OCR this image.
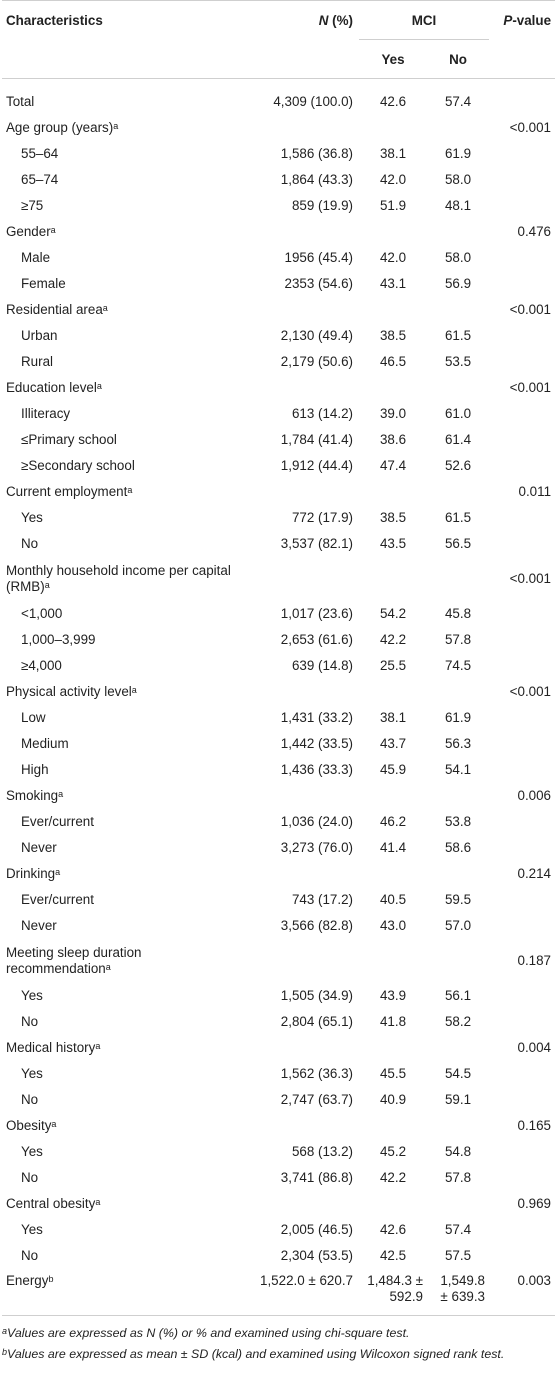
Characteristics	N (%)	MCI		P-value
		Yes	No	
Total	4,309 (100.0)	42.6	57.4	
Age group (years)$^a$				<0.001
55–64	1,586 (36.8)	38.1	61.9	
65–74	1,864 (43.3)	42.0	58.0	
≥75	859 (19.9)	51.9	48.1	
Gender$^a$				0.476
Male	1956 (45.4)	42.0	58.0	
Female	2353 (54.6)	43.1	56.9	
Residential area$^a$				<0.001
Urban	2,130 (49.4)	38.5	61.5	
Rural	2,179 (50.6)	46.5	53.5	
Education level$^a$				<0.001
Illiteracy	613 (14.2)	39.0	61.0	
≤Primary school	1,784 (41.4)	38.6	61.4	
≥Secondary school	1,912 (44.4)	47.4	52.6	
Current employment$^a$				0.011
Yes	772 (17.9)	38.5	61.5	
No	3,537 (82.1)	43.5	56.5	
Monthly household income per capital (RMB)$^a$				<0.001
<1,000	1,017 (23.6)	54.2	45.8	
1,000–3,999	2,653 (61.6)	42.2	57.8	
≥4,000	639 (14.8)	25.5	74.5	
Physical activity level$^a$				<0.001
Low	1,431 (33.2)	38.1	61.9	
Medium	1,442 (33.5)	43.7	56.3	
High	1,436 (33.3)	45.9	54.1	
Smoking$^a$				0.006
Ever/current	1,036 (24.0)	46.2	53.8	
Never	3,273 (76.0)	41.4	58.6	
Drinking$^a$				0.214
Ever/current	743 (17.2)	40.5	59.5	
Never	3,566 (82.8)	43.0	57.0	
Meeting sleep duration recommendation$^a$				0.187
Yes	1,505 (34.9)	43.9	56.1	
No	2,804 (65.1)	41.8	58.2	
Medical history$^a$				0.004
Yes	1,562 (36.3)	45.5	54.5	
No	2,747 (63.7)	40.9	59.1	
Obesity$^a$				0.165
Yes	568 (13.2)	45.2	54.8	
No	3,741 (86.8)	42.2	57.8	
Central obesity$^a$				0.969
Yes	2,005 (46.5)	42.6	57.4	
No	2,304 (53.5)	42.5	57.5	
Energy$^b$	1,522.0 ± 620.7	1,484.3 ± 592.9	1,549.8 ± 639.3	0.003

$^a$Values are expressed as N (%) or % and examined using chi-square test.

$^b$Values are expressed as mean ± SD (kcal) and examined using Wilcoxon signed rank test.
